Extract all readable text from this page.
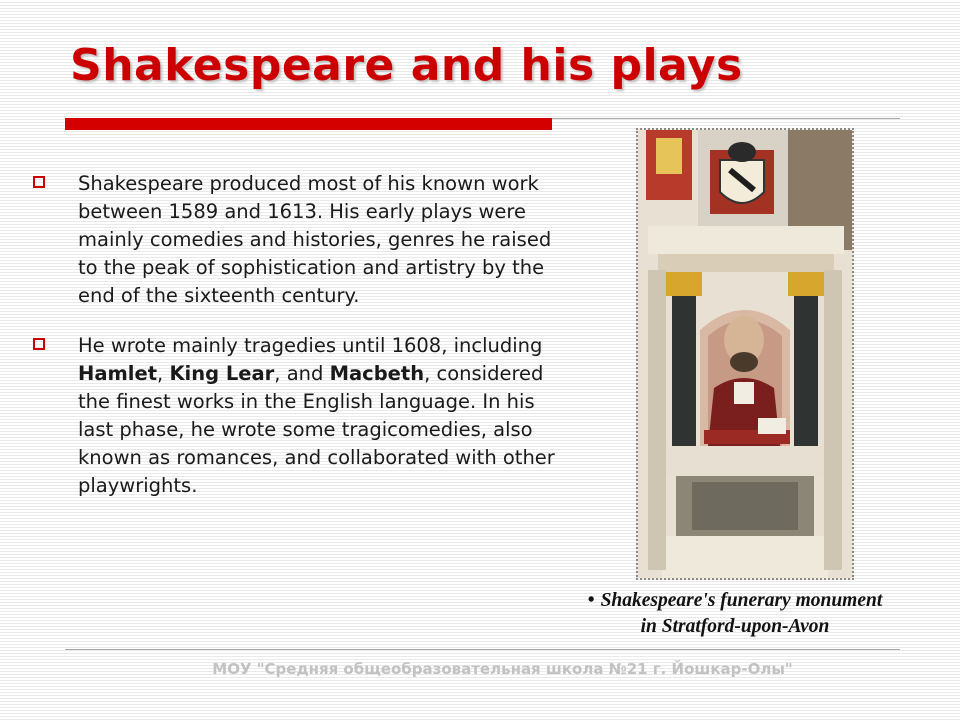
Shakespeare and his plays
Shakespeare produced most of his known work between 1589 and 1613. His early plays were mainly comedies and histories, genres he raised to the peak of sophistication and artistry by the end of the sixteenth century.
He wrote mainly tragedies until 1608, including Hamlet, King Lear, and Macbeth, considered the finest works in the English language. In his last phase, he wrote some tragicomedies, also known as romances, and collaborated with other playwrights.
• Shakespeare's funerary monument
in Stratford-upon-Avon
МОУ "Средняя общеобразовательная школа №21 г. Йошкар-Олы"
